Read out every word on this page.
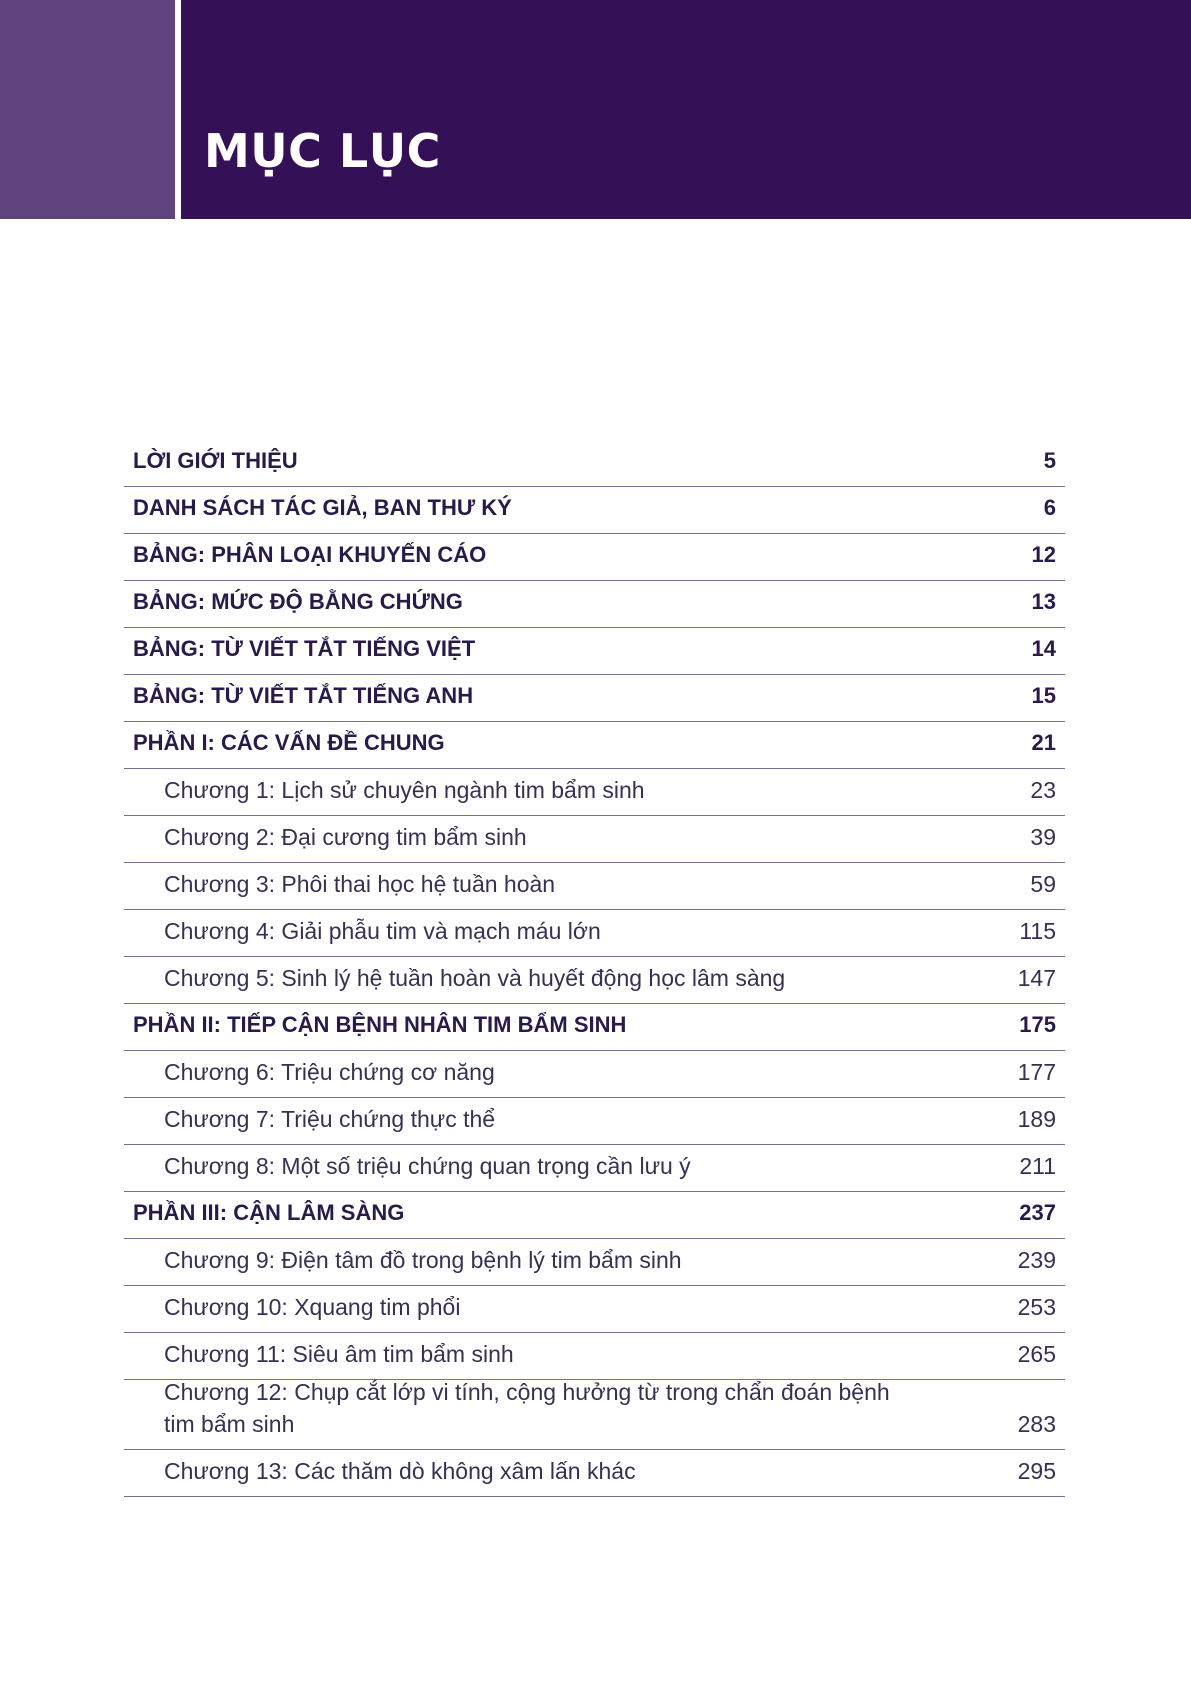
MỤC LỤC
LỜI GIỚI THIỆU	5
DANH SÁCH TÁC GIẢ, BAN THƯ KÝ	6
BẢNG: PHÂN LOẠI KHUYẾN CÁO	12
BẢNG: MỨC ĐỘ BẰNG CHỨNG	13
BẢNG: TỪ VIẾT TẮT TIẾNG VIỆT	14
BẢNG: TỪ VIẾT TẮT TIẾNG ANH	15
PHẦN I: CÁC VẤN ĐỀ CHUNG	21
Chương 1: Lịch sử chuyên ngành tim bẩm sinh	23
Chương 2: Đại cương tim bẩm sinh	39
Chương 3: Phôi thai học hệ tuần hoàn	59
Chương 4: Giải phẫu tim và mạch máu lớn	115
Chương 5: Sinh lý hệ tuần hoàn và huyết động học lâm sàng	147
PHẦN II: TIẾP CẬN BỆNH NHÂN TIM BẨM SINH	175
Chương 6: Triệu chứng cơ năng	177
Chương 7: Triệu chứng thực thể	189
Chương 8: Một số triệu chứng quan trọng cần lưu ý	211
PHẦN III: CẬN LÂM SÀNG	237
Chương 9: Điện tâm đồ trong bệnh lý tim bẩm sinh	239
Chương 10: Xquang tim phổi	253
Chương 11: Siêu âm tim bẩm sinh	265
Chương 12: Chụp cắt lớp vi tính, cộng hưởng từ trong chẩn đoán bệnh tim bẩm sinh	283
Chương 13: Các thăm dò không xâm lấn khác	295
